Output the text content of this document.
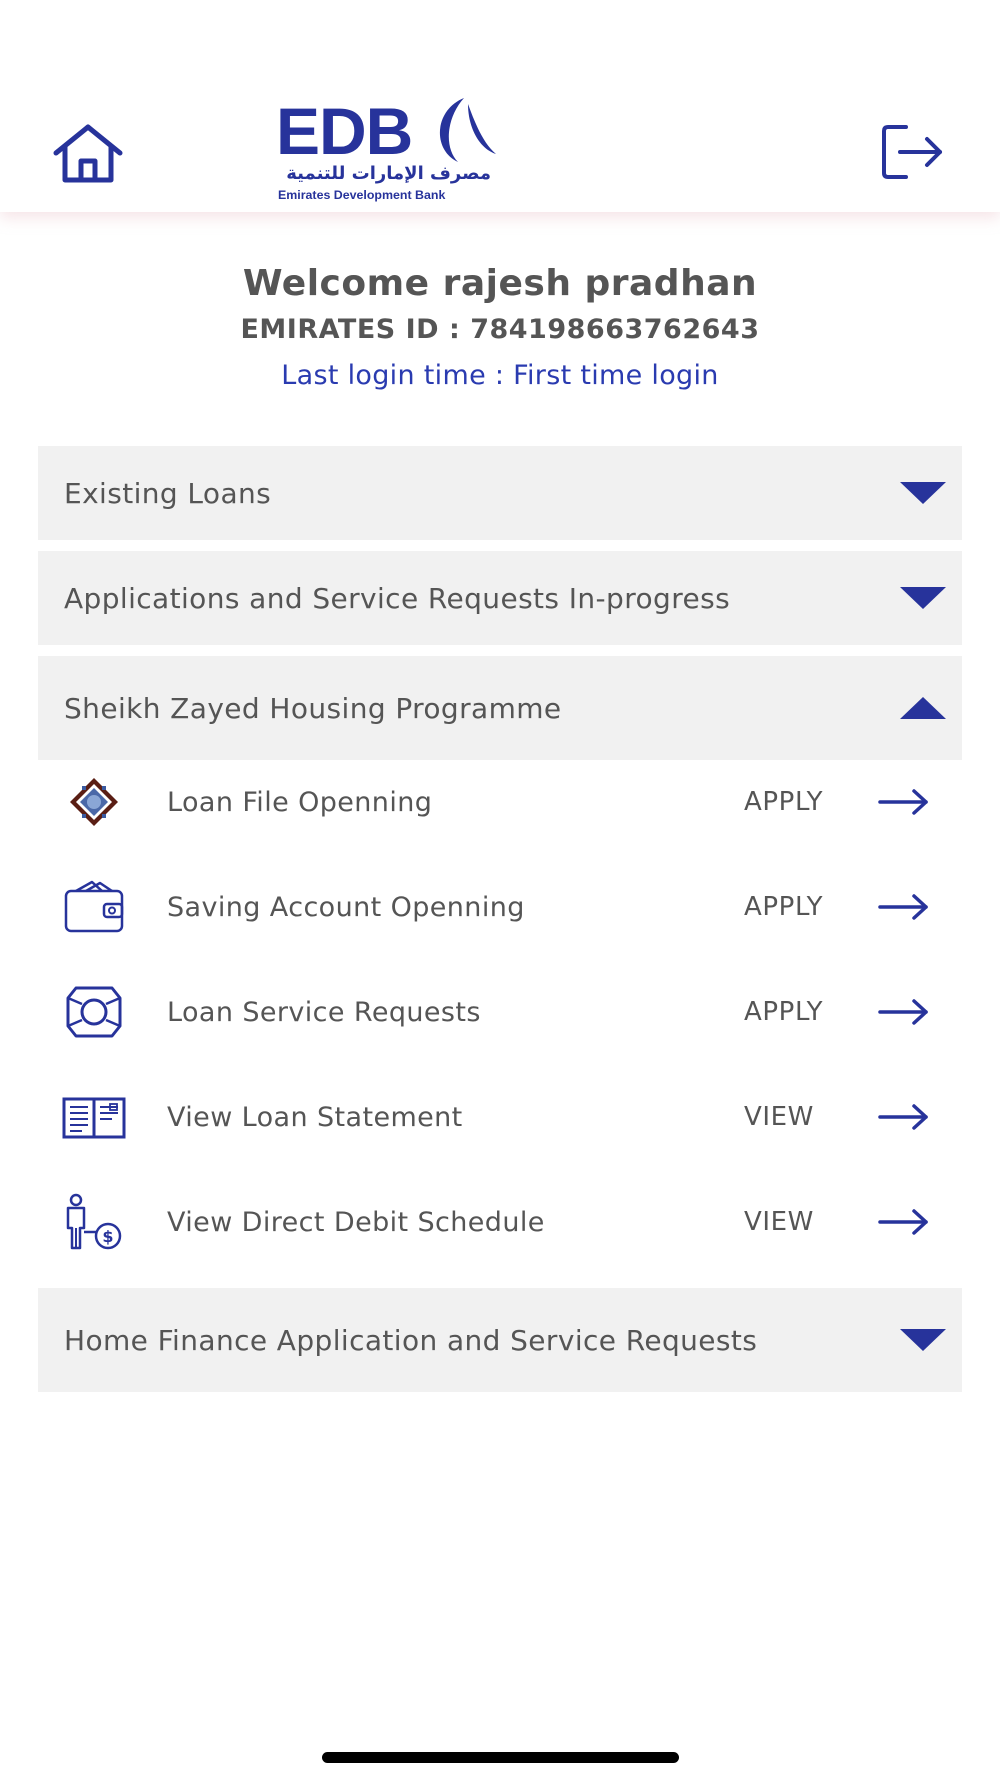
EDB
مصرف الإمارات للتنمية
Emirates Development Bank
Welcome rajesh pradhan
EMIRATES ID : 784198663762643
Last login time : First time login
Existing Loans
Applications and Service Requests In-progress
Sheikh Zayed Housing Programme
Loan File Openning	APPLY
Saving Account Openning	APPLY
Loan Service Requests	APPLY
View Loan Statement	VIEW
$ View Direct Debit Schedule	VIEW
Home Finance Application and Service Requests
